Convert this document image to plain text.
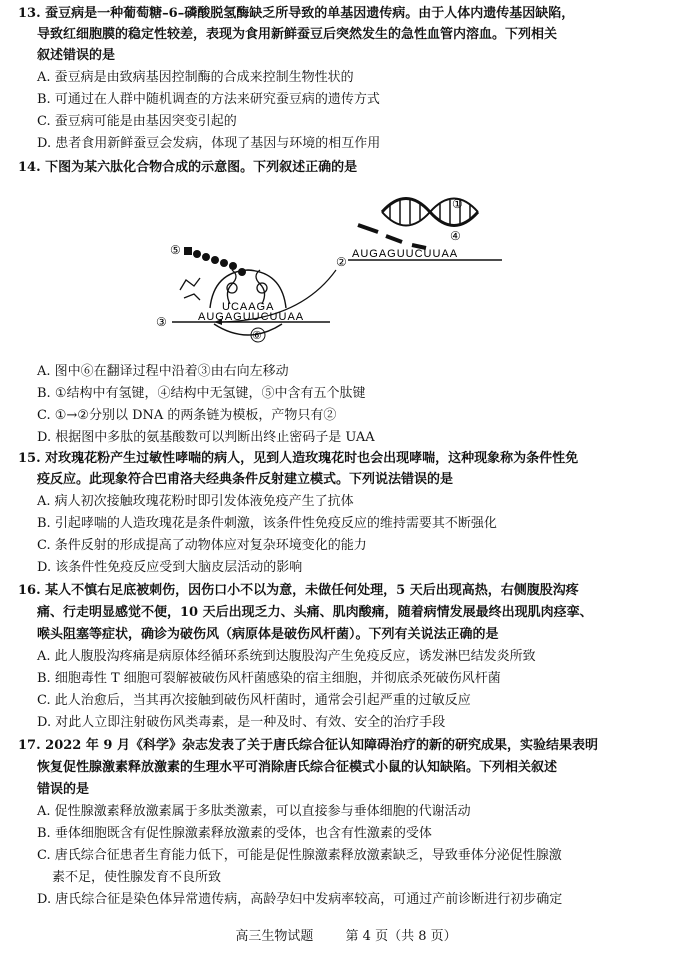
13. 蚕豆病是一种葡萄糖–6–磷酸脱氢酶缺乏所导致的单基因遗传病。由于人体内遗传基因缺陷，
导致红细胞膜的稳定性较差，表现为食用新鲜蚕豆后突然发生的急性血管内溶血。下列相关
叙述错误的是
A. 蚕豆病是由致病基因控制酶的合成来控制生物性状的
B. 可通过在人群中随机调查的方法来研究蚕豆病的遗传方式
C. 蚕豆病可能是由基因突变引起的
D. 患者食用新鲜蚕豆会发病，体现了基因与环境的相互作用
14. 下图为某六肽化合物合成的示意图。下列叙述正确的是
①
④
AUGAGUUCUUAA
②
⑤
⑥
UCAAGA
AUGAGUUCUUAA
③
A. 图中⑥在翻译过程中沿着③由右向左移动
B. ①结构中有氢键，④结构中无氢键，⑤中含有五个肽键
C. ①→②分别以 DNA 的两条链为模板，产物只有②
D. 根据图中多肽的氨基酸数可以判断出终止密码子是 UAA
15. 对玫瑰花粉产生过敏性哮喘的病人，见到人造玫瑰花时也会出现哮喘，这种现象称为条件性免
疫反应。此现象符合巴甫洛夫经典条件反射建立模式。下列说法错误的是
A. 病人初次接触玫瑰花粉时即引发体液免疫产生了抗体
B. 引起哮喘的人造玫瑰花是条件刺激，该条件性免疫反应的维持需要其不断强化
C. 条件反射的形成提高了动物体应对复杂环境变化的能力
D. 该条件性免疫反应受到大脑皮层活动的影响
16. 某人不慎右足底被刺伤，因伤口小不以为意，未做任何处理，5 天后出现高热，右侧腹股沟疼
痛、行走明显感觉不便，10 天后出现乏力、头痛、肌肉酸痛，随着病情发展最终出现肌肉痉挛、
喉头阻塞等症状，确诊为破伤风（病原体是破伤风杆菌）。下列有关说法正确的是
A. 此人腹股沟疼痛是病原体经循环系统到达腹股沟产生免疫反应，诱发淋巴结发炎所致
B. 细胞毒性 T 细胞可裂解被破伤风杆菌感染的宿主细胞，并彻底杀死破伤风杆菌
C. 此人治愈后，当其再次接触到破伤风杆菌时，通常会引起严重的过敏反应
D. 对此人立即注射破伤风类毒素，是一种及时、有效、安全的治疗手段
17. 2022 年 9 月《科学》杂志发表了关于唐氏综合征认知障碍治疗的新的研究成果，实验结果表明
恢复促性腺激素释放激素的生理水平可消除唐氏综合征模式小鼠的认知缺陷。下列相关叙述
错误的是
A. 促性腺激素释放激素属于多肽类激素，可以直接参与垂体细胞的代谢活动
B. 垂体细胞既含有促性腺激素释放激素的受体，也含有性激素的受体
C. 唐氏综合征患者生育能力低下，可能是促性腺激素释放激素缺乏，导致垂体分泌促性腺激
素不足，使性腺发育不良所致
D. 唐氏综合征是染色体异常遗传病，高龄孕妇中发病率较高，可通过产前诊断进行初步确定
高三生物试题 第 4 页（共 8 页）
